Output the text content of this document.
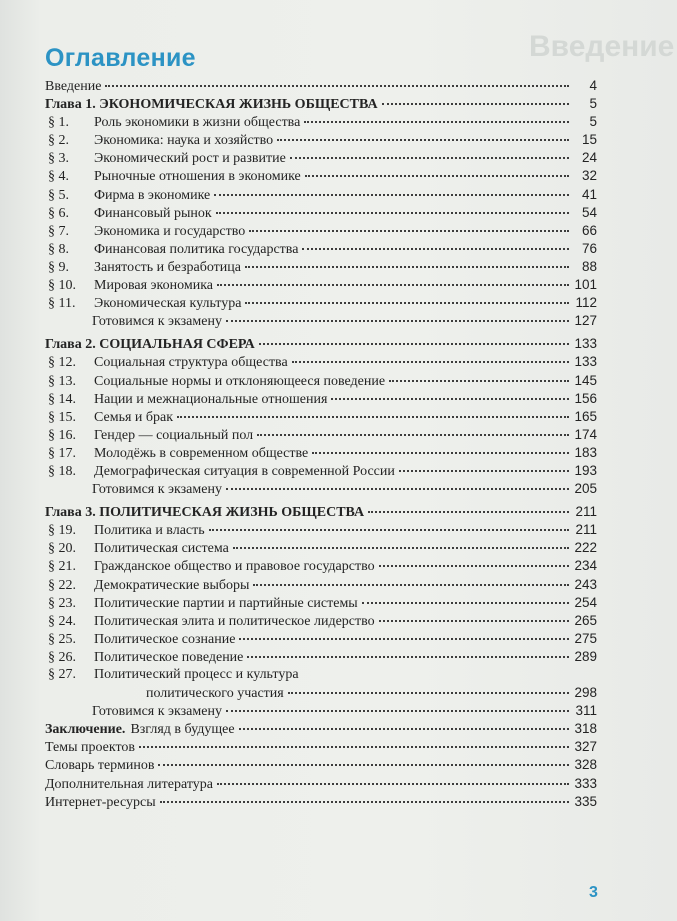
Введение
Оглавление
Введение	4
Глава 1. ЭКОНОМИЧЕСКАЯ ЖИЗНЬ ОБЩЕСТВА	5
§ 1.	Роль экономики в жизни общества	5
§ 2.	Экономика: наука и хозяйство	15
§ 3.	Экономический рост и развитие	24
§ 4.	Рыночные отношения в экономике	32
§ 5.	Фирма в экономике	41
§ 6.	Финансовый рынок	54
§ 7.	Экономика и государство	66
§ 8.	Финансовая политика государства	76
§ 9.	Занятость и безработица	88
§ 10.	Мировая экономика	101
§ 11.	Экономическая культура	112
Готовимся к экзамену	127
Глава 2. СОЦИАЛЬНАЯ СФЕРА	133
§ 12.	Социальная структура общества	133
§ 13.	Социальные нормы и отклоняющееся поведение	145
§ 14.	Нации и межнациональные отношения	156
§ 15.	Семья и брак	165
§ 16.	Гендер — социальный пол	174
§ 17.	Молодёжь в современном обществе	183
§ 18.	Демографическая ситуация в современной России	193
Готовимся к экзамену	205
Глава 3. ПОЛИТИЧЕСКАЯ ЖИЗНЬ ОБЩЕСТВА	211
§ 19.	Политика и власть	211
§ 20.	Политическая система	222
§ 21.	Гражданское общество и правовое государство	234
§ 22.	Демократические выборы	243
§ 23.	Политические партии и партийные системы	254
§ 24.	Политическая элита и политическое лидерство	265
§ 25.	Политическое сознание	275
§ 26.	Политическое поведение	289
§ 27.	Политический процесс и культура
политического участия	298
Готовимся к экзамену	311
Заключение. Взгляд в будущее	318
Темы проектов	327
Словарь терминов	328
Дополнительная литература	333
Интернет-ресурсы	335
3
